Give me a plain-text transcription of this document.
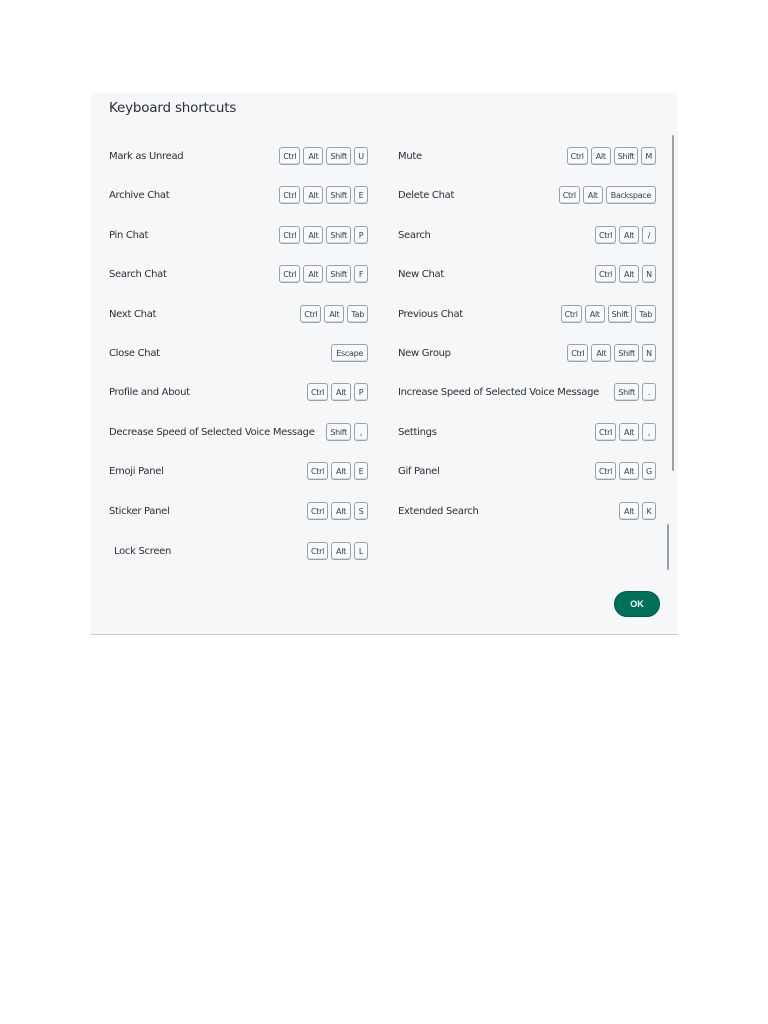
Keyboard shortcuts
Mark as Unread	Ctrl	Alt	Shift	U
Archive Chat	Ctrl	Alt	Shift	E
Pin Chat	Ctrl	Alt	Shift	P
Search Chat	Ctrl	Alt	Shift	F
Next Chat	Ctrl	Alt	Tab
Close Chat	Escape
Profile and About	Ctrl	Alt	P
Decrease Speed of Selected Voice Message	Shift	,
Emoji Panel	Ctrl	Alt	E
Sticker Panel	Ctrl	Alt	S
Lock Screen	Ctrl	Alt	L
Mute	Ctrl	Alt	Shift	M
Delete Chat	Ctrl	Alt	Backspace
Search	Ctrl	Alt	/
New Chat	Ctrl	Alt	N
Previous Chat	Ctrl	Alt	Shift	Tab
New Group	Ctrl	Alt	Shift	N
Increase Speed of Selected Voice Message	Shift	.
Settings	Ctrl	Alt	,
Gif Panel	Ctrl	Alt	G
Extended Search	Alt	K
OK
